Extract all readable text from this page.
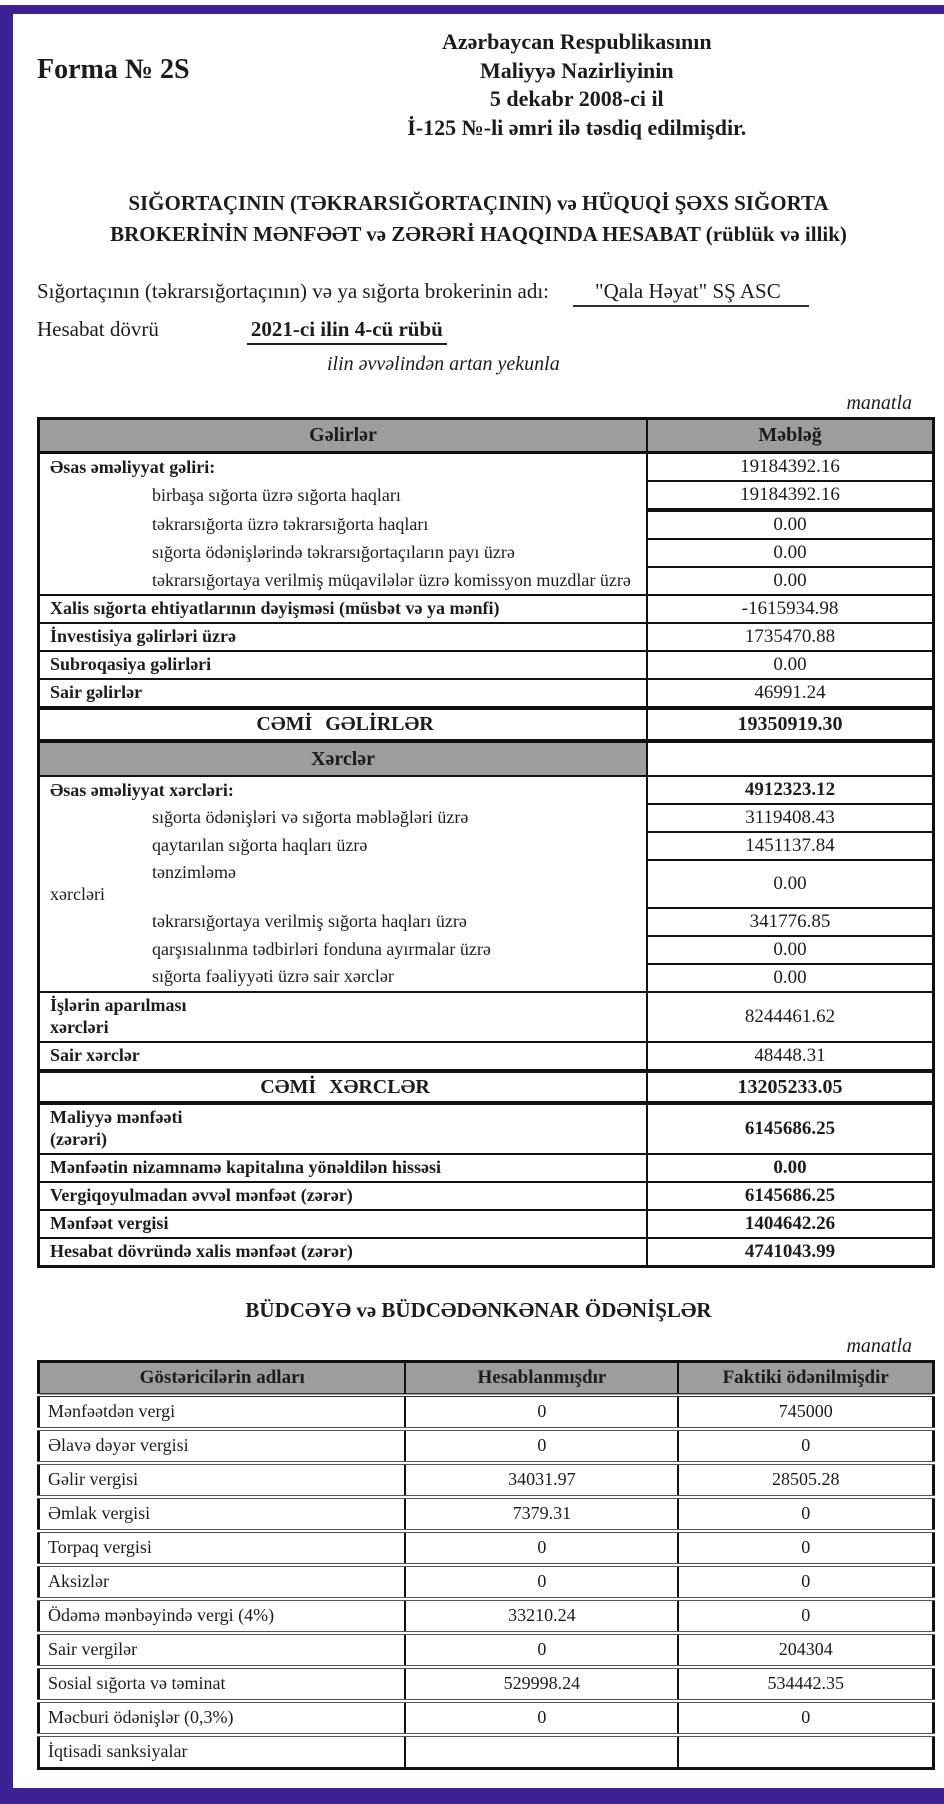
Forma № 2S
Azərbaycan Respublikasının
Maliyyə Nazirliyinin
5 dekabr 2008-ci il
İ-125 №-li əmri ilə təsdiq edilmişdir.
SIĞORTAÇININ (TƏKRARSIĞORTAÇININ) və HÜQUQİ ŞƏXS SIĞORTA
BROKERİNİN MƏNFƏƏT və ZƏRƏRİ HAQQINDA HESABAT (rüblük və illik)
Sığortaçının (təkrarsığortaçının) və ya sığorta brokerinin adı:	"Qala Həyat" SŞ ASC
Hesabat dövrü	2021-ci ilin 4-cü rübü
ilin əvvəlindən artan yekunla
manatla
Gəlirlər	Məbləğ

Əsas əməliyyat gəliri:	19184392.16

birbaşa sığorta üzrə sığorta haqları	19184392.16

təkrarsığorta üzrə təkrarsığorta haqları	0.00

sığorta ödənişlərində təkrarsığortaçıların payı üzrə	0.00

təkrarsığortaya verilmiş müqavilələr üzrə komissyon muzdlar üzrə	0.00

Xalis sığorta ehtiyatlarının dəyişməsi (müsbət və ya mənfi)	-1615934.98

İnvestisiya gəlirləri üzrə	1735470.88

Subroqasiya gəlirləri	0.00

Sair gəlirlər	46991.24

CƏMİ GƏLİRLƏR	19350919.30

Xərclər	

Əsas əməliyyat xərcləri:	4912323.12

sığorta ödənişləri və sığorta məbləğləri üzrə	3119408.43

qaytarılan sığorta haqları üzrə	1451137.84

tənzimləmə
xərcləri	0.00

təkrarsığortaya verilmiş sığorta haqları üzrə	341776.85

qarşısıalınma tədbirləri fonduna ayırmalar üzrə	0.00

sığorta fəaliyyəti üzrə sair xərclər	0.00

İşlərin aparılması
xərcləri	8244461.62

Sair xərclər	48448.31

CƏMİ XƏRCLƏR	13205233.05

Maliyyə mənfəəti
(zərəri)	6145686.25

Mənfəətin nizamnamə kapitalına yönəldilən hissəsi	0.00

Vergiqoyulmadan əvvəl mənfəət (zərər)	6145686.25

Mənfəət vergisi	1404642.26

Hesabat dövründə xalis mənfəət (zərər)	4741043.99
BÜDCƏYƏ və BÜDCƏDƏNKƏNAR ÖDƏNİŞLƏR
manatla
Göstəricilərin adları	Hesablanmışdır	Faktiki ödənilmişdir
Mənfəətdən vergi	0	745000
Əlavə dəyər vergisi	0	0
Gəlir vergisi	34031.97	28505.28
Əmlak vergisi	7379.31	0
Torpaq vergisi	0	0
Aksizlər	0	0
Ödəmə mənbəyində vergi (4%)	33210.24	0
Sair vergilər	0	204304
Sosial sığorta və təminat	529998.24	534442.35
Məcburi ödənişlər (0,3%)	0	0
İqtisadi sanksiyalar		
